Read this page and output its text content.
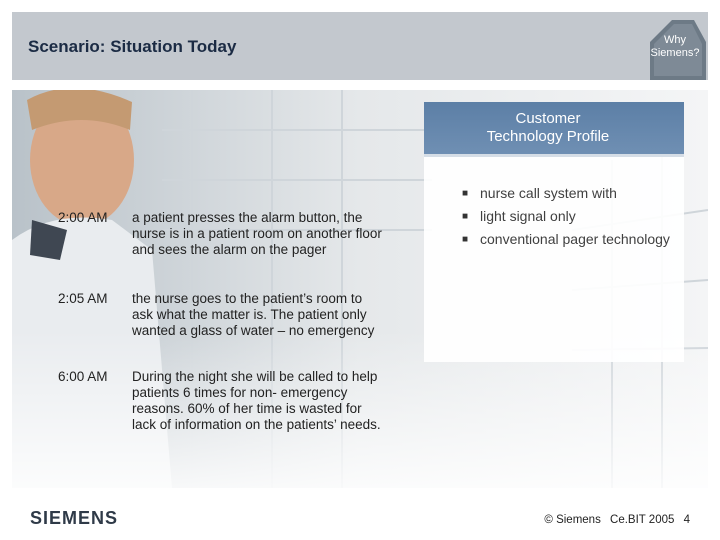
Scenario: Situation Today	Why
Siemens?
Customer
Technology Profile
■ nurse call system with
■ light signal only
■ conventional pager technology
2:00 AM	a patient presses the alarm button, the nurse is in a patient room on another floor and sees the alarm on the pager
2:05 AM	the nurse goes to the patient’s room to ask what the matter is. The patient only wanted a glass of water – no emergency
6:00 AM	During the night she will be called to help patients 6 times for non- emergency reasons. 60% of her time is wasted for lack of information on the patients’ needs.
SIEMENS	© Siemens Ce.BIT 2005 4
